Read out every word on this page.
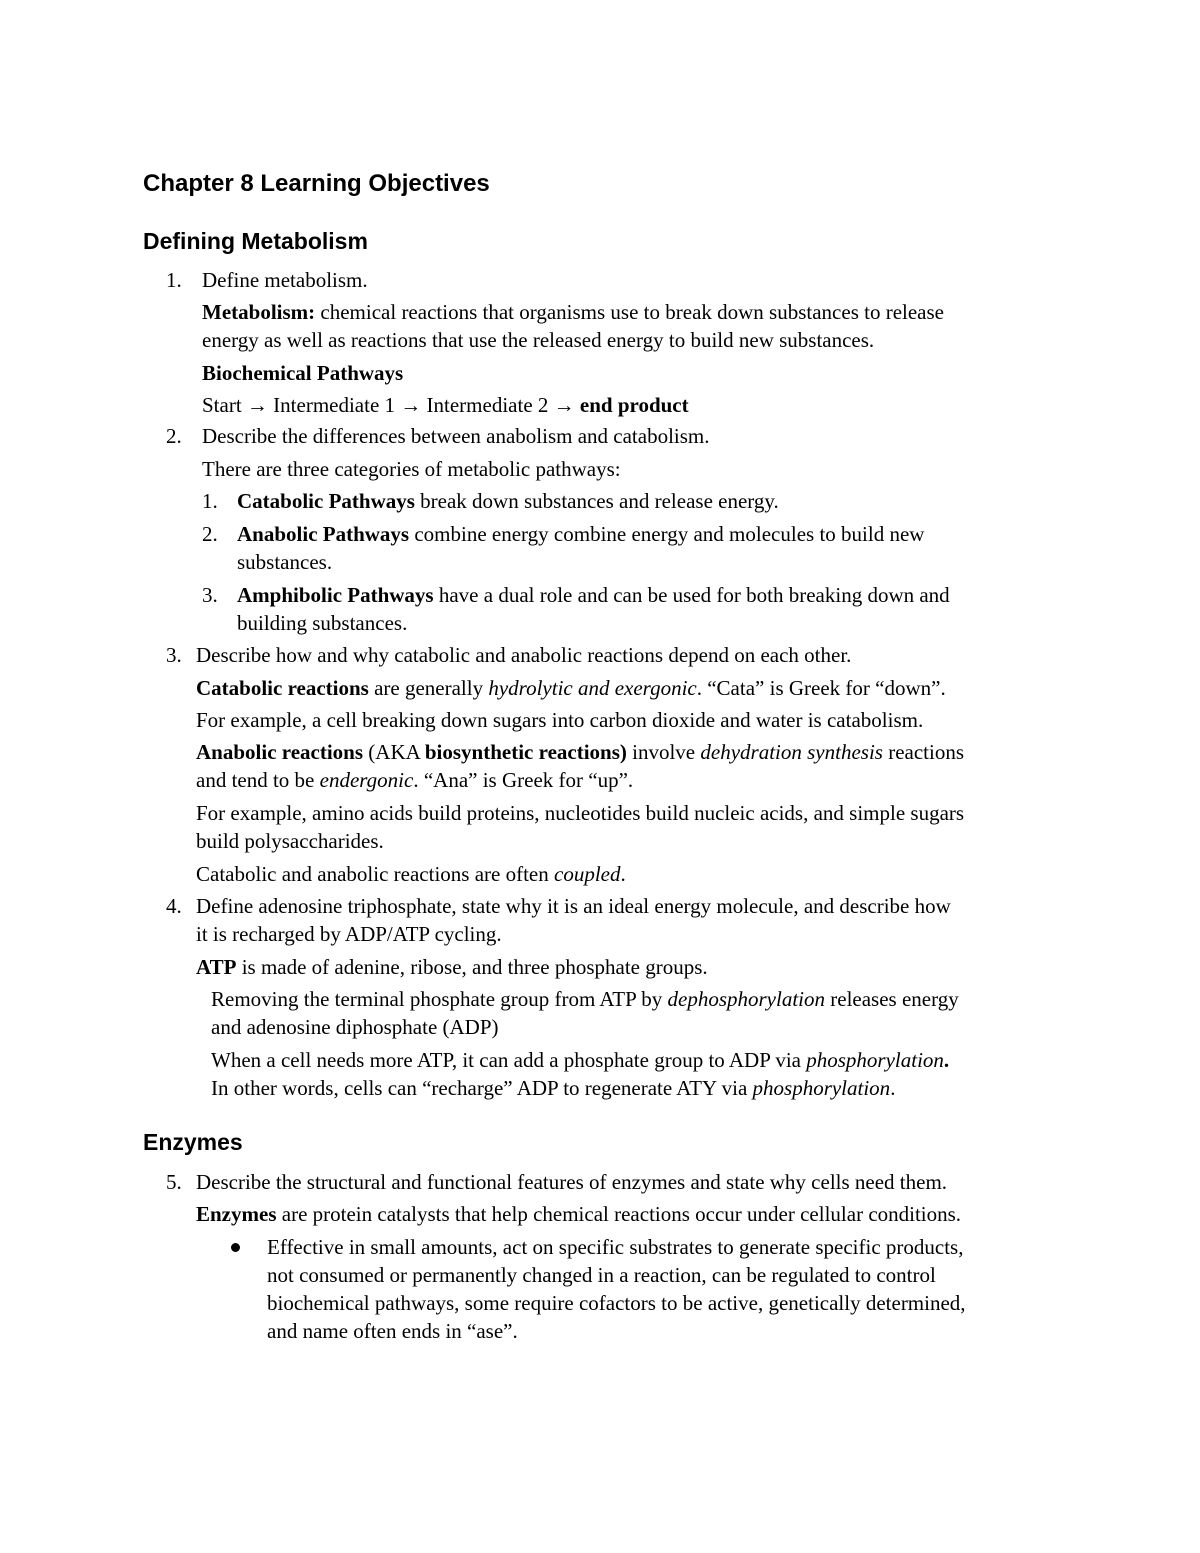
Chapter 8 Learning Objectives
Defining Metabolism
1. Define metabolism.

Metabolism: chemical reactions that organisms use to break down substances to release

energy as well as reactions that use the released energy to build new substances.

Biochemical Pathways

Start → Intermediate 1 → Intermediate 2 → end product

2. Describe the differences between anabolism and catabolism.

There are three categories of metabolic pathways:

1. Catabolic Pathways break down substances and release energy.

2. Anabolic Pathways combine energy combine energy and molecules to build new

substances.

3. Amphibolic Pathways have a dual role and can be used for both breaking down and

building substances.

3. Describe how and why catabolic and anabolic reactions depend on each other.

Catabolic reactions are generally hydrolytic and exergonic. “Cata” is Greek for “down”.

For example, a cell breaking down sugars into carbon dioxide and water is catabolism.

Anabolic reactions (AKA biosynthetic reactions) involve dehydration synthesis reactions

and tend to be endergonic. “Ana” is Greek for “up”.

For example, amino acids build proteins, nucleotides build nucleic acids, and simple sugars

build polysaccharides.

Catabolic and anabolic reactions are often coupled.

4. Define adenosine triphosphate, state why it is an ideal energy molecule, and describe how

it is recharged by ADP/ATP cycling.

ATP is made of adenine, ribose, and three phosphate groups.

Removing the terminal phosphate group from ATP by dephosphorylation releases energy

and adenosine diphosphate (ADP)

When a cell needs more ATP, it can add a phosphate group to ADP via phosphorylation.

In other words, cells can “recharge” ADP to regenerate ATY via phosphorylation.

Enzymes
5. Describe the structural and functional features of enzymes and state why cells need them.

Enzymes are protein catalysts that help chemical reactions occur under cellular conditions.

Effective in small amounts, act on specific substrates to generate specific products,

not consumed or permanently changed in a reaction, can be regulated to control

biochemical pathways, some require cofactors to be active, genetically determined,

and name often ends in “ase”.
